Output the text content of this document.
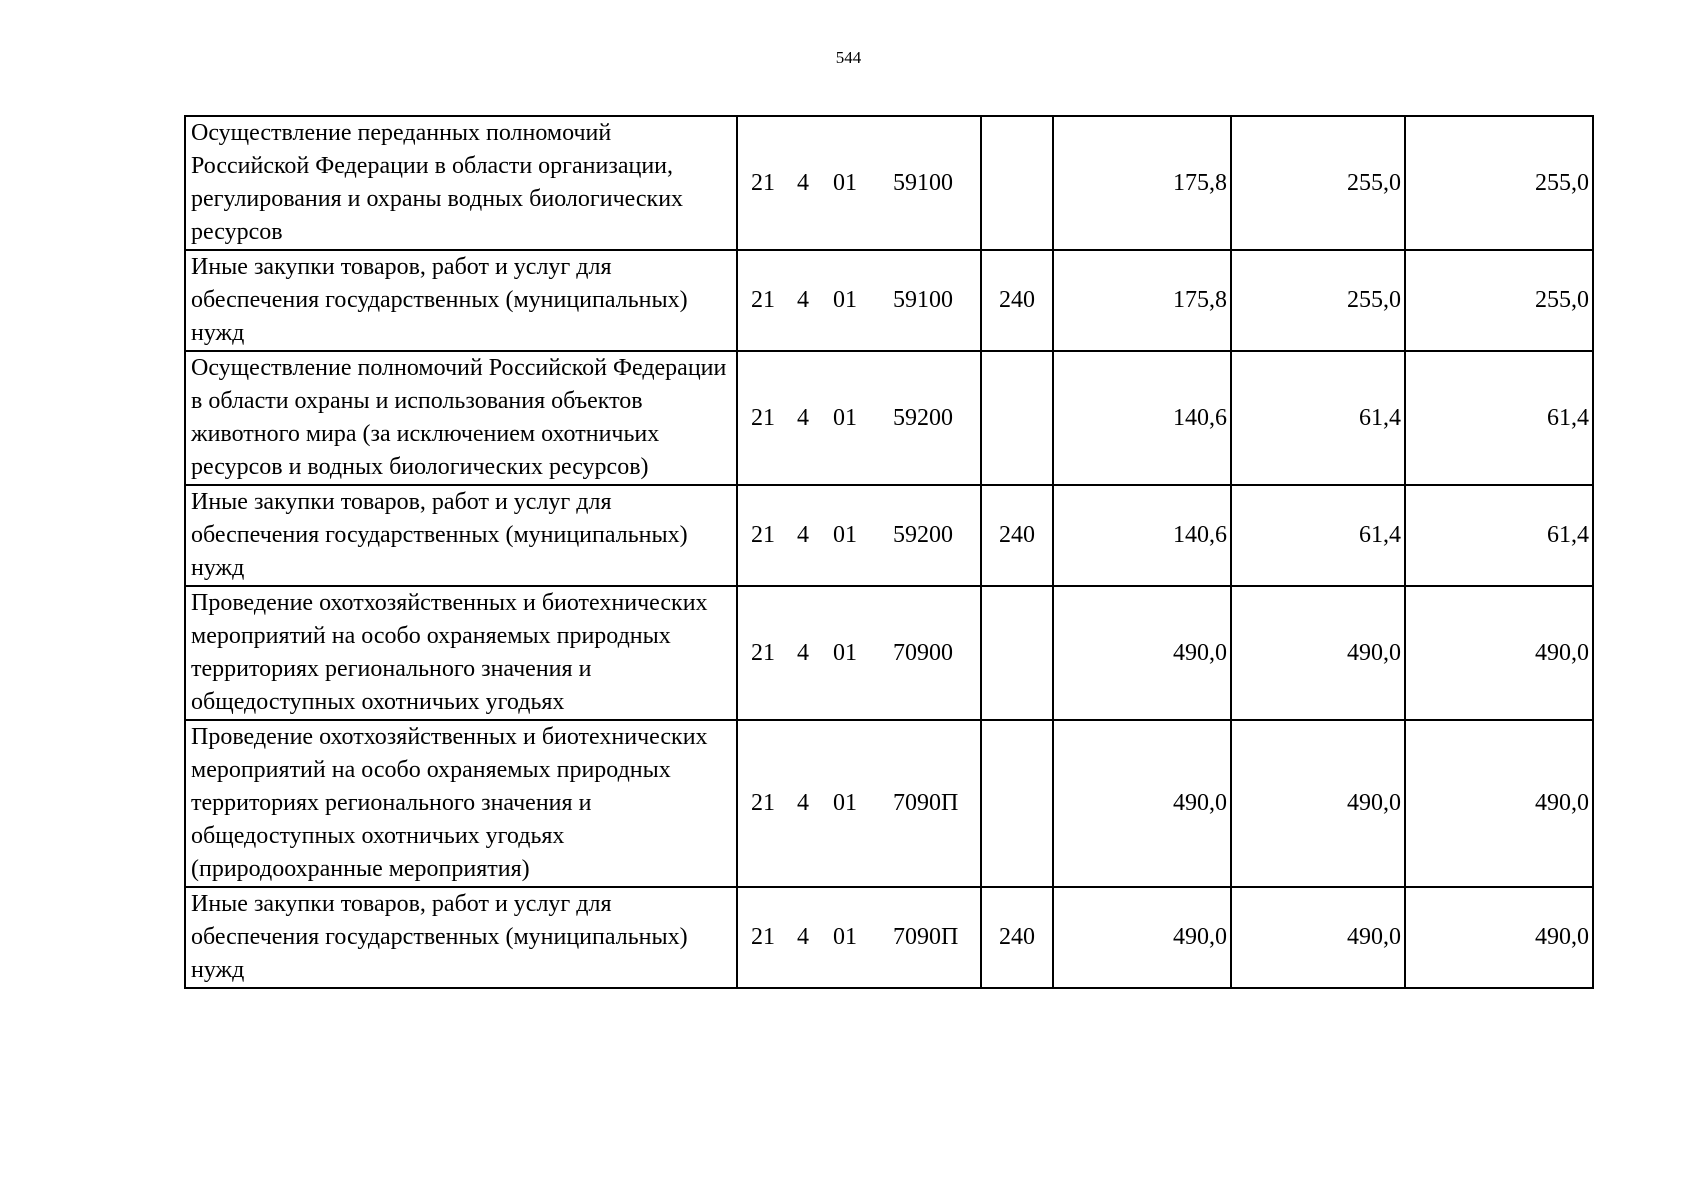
544
Осуществление переданных полномочий Российской Федерации в области организации, регулирования и охраны водных биологических ресурсов	21 4 01 59100		175,8	255,0	255,0
Иные закупки товаров, работ и услуг для обеспечения государственных (муниципальных) нужд	21 4 01 59100	240	175,8	255,0	255,0
Осуществление полномочий Российской Федерации в области охраны и использования объектов животного мира (за исключением охотничьих ресурсов и водных биологических ресурсов)	21 4 01 59200		140,6	61,4	61,4
Иные закупки товаров, работ и услуг для обеспечения государственных (муниципальных) нужд	21 4 01 59200	240	140,6	61,4	61,4
Проведение охотхозяйственных и биотехнических мероприятий на особо охраняемых природных территориях регионального значения и общедоступных охотничьих угодьях	21 4 01 70900		490,0	490,0	490,0
Проведение охотхозяйственных и биотехнических мероприятий на особо охраняемых природных территориях регионального значения и общедоступных охотничьих угодьях (природоохранные мероприятия)	21 4 01 7090П		490,0	490,0	490,0
Иные закупки товаров, работ и услуг для обеспечения государственных (муниципальных) нужд	21 4 01 7090П	240	490,0	490,0	490,0
